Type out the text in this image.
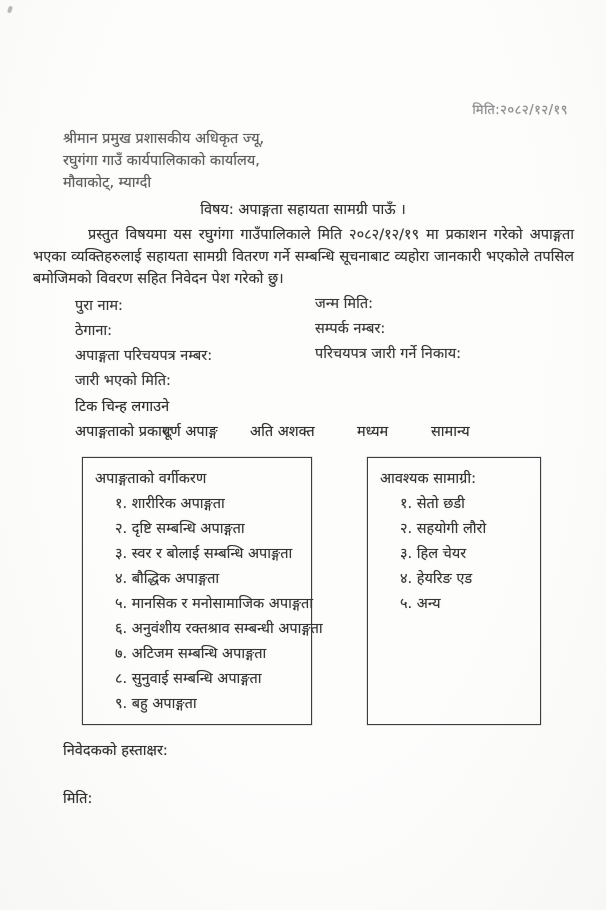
मिति:२०८२/१२/१९
श्रीमान प्रमुख प्रशासकीय अधिकृत ज्यू,
रघुगंगा गाउँ कार्यपालिकाको कार्यालय,
मौवाकोट्, म्याग्दी
विषय: अपाङ्गता सहायता सामग्री पाऊँ ।

प्रस्तुत विषयमा यस रघुगंगा गाउँपालिकाले मिति २०८२/१२/१९ मा प्रकाशन गरेको अपाङ्गता भएका व्यक्तिहरुलाई सहायता सामग्री वितरण गर्ने सम्बन्धि सूचनाबाट व्यहोरा जानकारी भएकोले तपसिल बमोजिमको विवरण सहित निवेदन पेश गरेको छु।

पुरा नाम:
ठेगाना:
अपाङ्गता परिचयपत्र नम्बर:
जारी भएको मिति:
जन्म मिति:
सम्पर्क नम्बर:
परिचयपत्र जारी गर्ने निकाय:
टिक चिन्ह लगाउने
अपाङ्गताको प्रकार:
पूर्ण अपाङ्ग अति अशक्त	मध्यम	सामान्य
अपाङ्गताको वर्गीकरण
१. शारीरिक अपाङ्गता
२. दृष्टि सम्बन्धि अपाङ्गता
३. स्वर र बोलाई सम्बन्धि अपाङ्गता
४. बौद्धिक अपाङ्गता
५. मानसिक र मनोसामाजिक अपाङ्गता
६. अनुवंशीय रक्तश्राव सम्बन्धी अपाङ्गता
७. अटिजम सम्बन्धि अपाङ्गता
८. सुनुवाई सम्बन्धि अपाङ्गता
९. बहु अपाङ्गता
आवश्यक सामाग्री:
१. सेतो छडी
२. सहयोगी लौरो
३. हिल चेयर
४. हेयरिङ एड
५. अन्य
निवेदकको हस्ताक्षर:
मिति:
